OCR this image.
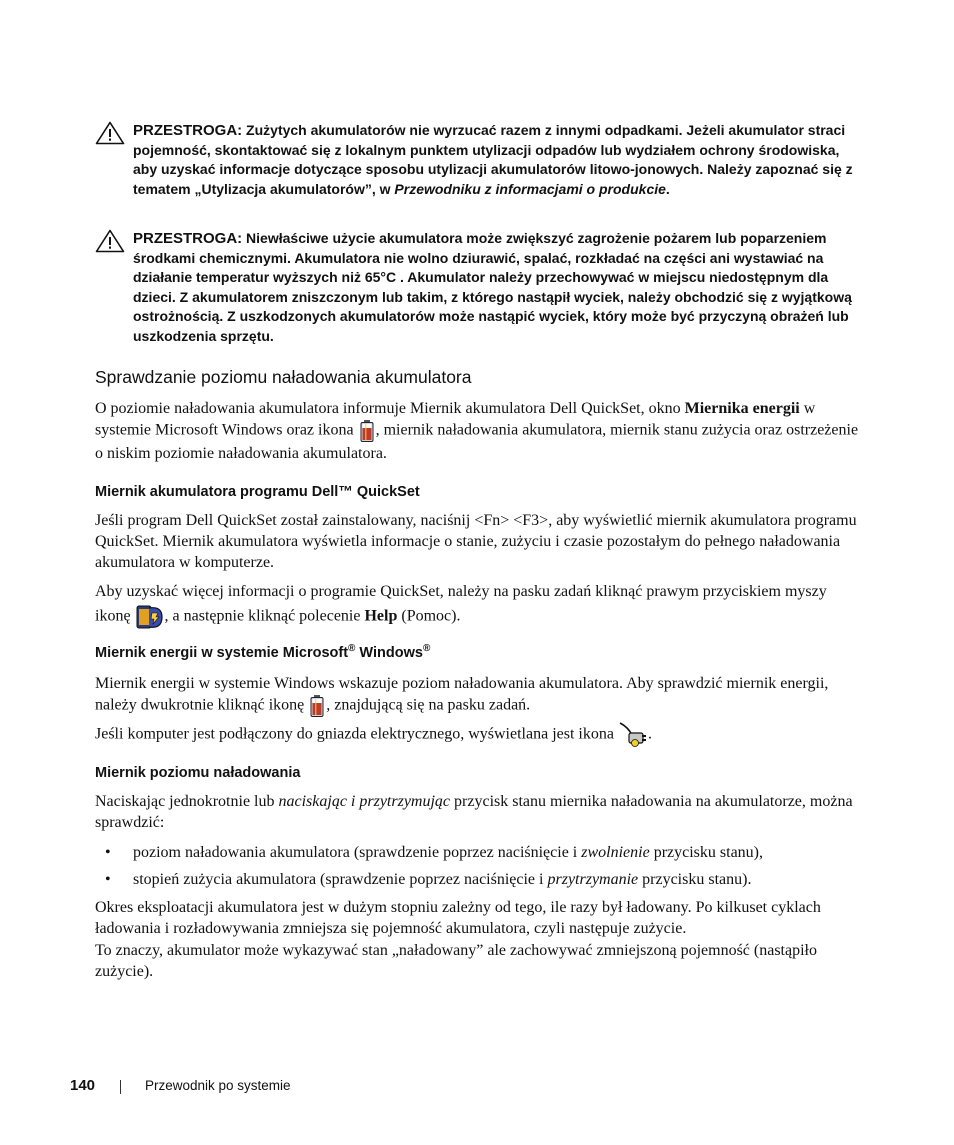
PRZESTROGA: Zużytych akumulatorów nie wyrzucać razem z innymi odpadkami. Jeżeli akumulator straci pojemność, skontaktować się z lokalnym punktem utylizacji odpadów lub wydziałem ochrony środowiska, aby uzyskać informacje dotyczące sposobu utylizacji akumulatorów litowo-jonowych. Należy zapoznać się z tematem „Utylizacja akumulatorów”, w Przewodniku z informacjami o produkcie.
PRZESTROGA: Niewłaściwe użycie akumulatora może zwiększyć zagrożenie pożarem lub poparzeniem środkami chemicznymi. Akumulatora nie wolno dziurawić, spalać, rozkładać na części ani wystawiać na działanie temperatur wyższych niż 65°C . Akumulator należy przechowywać w miejscu niedostępnym dla dzieci. Z akumulatorem zniszczonym lub takim, z którego nastąpił wyciek, należy obchodzić się z wyjątkową ostrożnością. Z uszkodzonych akumulatorów może nastąpić wyciek, który może być przyczyną obrażeń lub uszkodzenia sprzętu.
Sprawdzanie poziomu naładowania akumulatora

O poziomie naładowania akumulatora informuje Miernik akumulatora Dell QuickSet, okno Miernika energii w systemie Microsoft Windows oraz ikona , miernik naładowania akumulatora, miernik stanu zużycia oraz ostrzeżenie o niskim poziomie naładowania akumulatora.

Miernik akumulatora programu Dell™ QuickSet

Jeśli program Dell QuickSet został zainstalowany, naciśnij <Fn> <F3>, aby wyświetlić miernik akumulatora programu QuickSet. Miernik akumulatora wyświetla informacje o stanie, zużyciu i czasie pozostałym do pełnego naładowania akumulatora w komputerze.

Aby uzyskać więcej informacji o programie QuickSet, należy na pasku zadań kliknąć prawym przyciskiem myszy ikonę , a następnie kliknąć polecenie Help (Pomoc).

Miernik energii w systemie Microsoft® Windows®

Miernik energii w systemie Windows wskazuje poziom naładowania akumulatora. Aby sprawdzić miernik energii, należy dwukrotnie kliknąć ikonę , znajdującą się na pasku zadań.

Jeśli komputer jest podłączony do gniazda elektrycznego, wyświetlana jest ikona .

Miernik poziomu naładowania

Naciskając jednokrotnie lub naciskając i przytrzymując przycisk stanu miernika naładowania na akumulatorze, można sprawdzić:

• poziom naładowania akumulatora (sprawdzenie poprzez naciśnięcie i zwolnienie przycisku stanu),
• stopień zużycia akumulatora (sprawdzenie poprzez naciśnięcie i przytrzymanie przycisku stanu).

Okres eksploatacji akumulatora jest w dużym stopniu zależny od tego, ile razy był ładowany. Po kilkuset cyklach ładowania i rozładowywania zmniejsza się pojemność akumulatora, czyli następuje zużycie.

To znaczy, akumulator może wykazywać stan „naładowany” ale zachowywać zmniejszoną pojemność (nastąpiło zużycie).

140	Przewodnik po systemie
